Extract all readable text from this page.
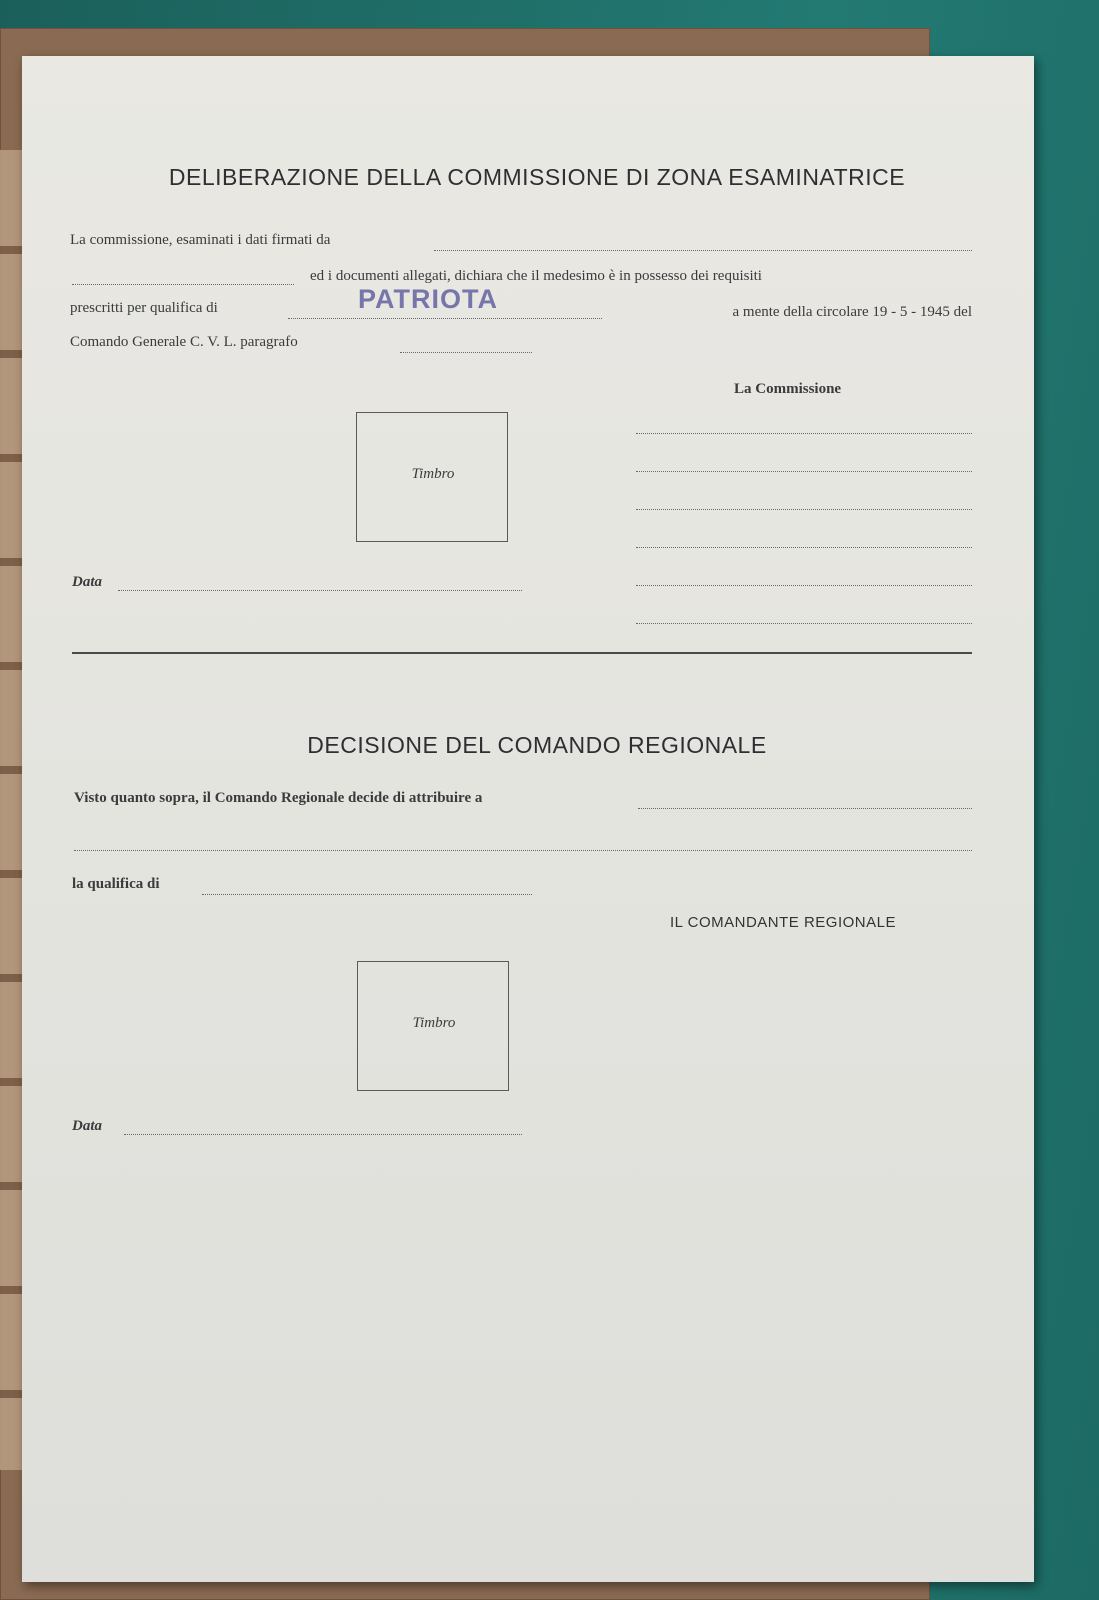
DELIBERAZIONE DELLA COMMISSIONE DI ZONA ESAMINATRICE
La commissione, esaminati i dati firmati da
ed i documenti allegati, dichiara che il medesimo è in possesso dei requisiti
prescritti per qualifica di	PATRIOTA	a mente della circolare 19 - 5 - 1945 del
Comando Generale C. V. L. paragrafo
La Commissione
Timbro
Data
DECISIONE DEL COMANDO REGIONALE
Visto quanto sopra, il Comando Regionale decide di attribuire a
la qualifica di
IL COMANDANTE REGIONALE
Timbro
Data
